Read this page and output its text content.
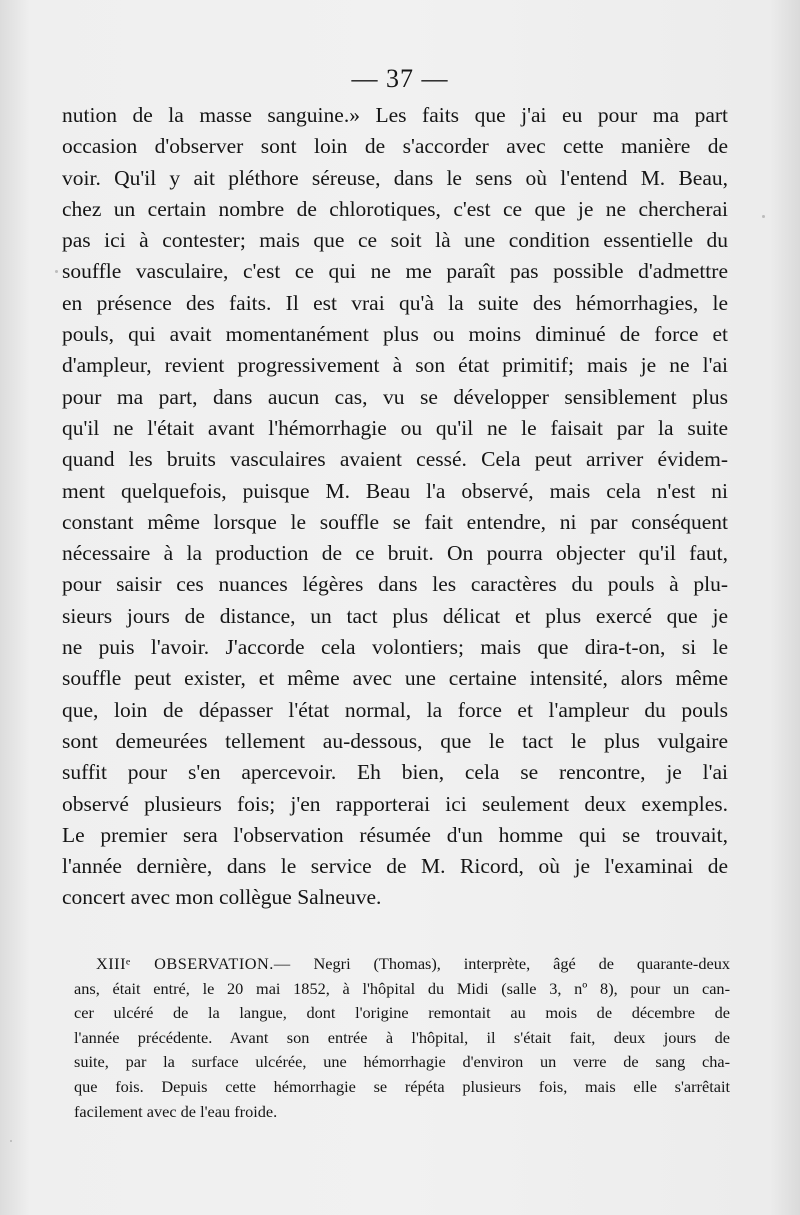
— 37 —
nution de la masse sanguine.» Les faits que j'ai eu pour ma part
occasion d'observer sont loin de s'accorder avec cette manière de
voir. Qu'il y ait pléthore séreuse, dans le sens où l'entend M. Beau,
chez un certain nombre de chlorotiques, c'est ce que je ne chercherai
pas ici à contester; mais que ce soit là une condition essentielle du
souffle vasculaire, c'est ce qui ne me paraît pas possible d'admettre
en présence des faits. Il est vrai qu'à la suite des hémorrhagies, le
pouls, qui avait momentanément plus ou moins diminué de force et
d'ampleur, revient progressivement à son état primitif; mais je ne l'ai
pour ma part, dans aucun cas, vu se développer sensiblement plus
qu'il ne l'était avant l'hémorrhagie ou qu'il ne le faisait par la suite
quand les bruits vasculaires avaient cessé. Cela peut arriver évidem-
ment quelquefois, puisque M. Beau l'a observé, mais cela n'est ni
constant même lorsque le souffle se fait entendre, ni par conséquent
nécessaire à la production de ce bruit. On pourra objecter qu'il faut,
pour saisir ces nuances légères dans les caractères du pouls à plu-
sieurs jours de distance, un tact plus délicat et plus exercé que je
ne puis l'avoir. J'accorde cela volontiers; mais que dira-t-on, si le
souffle peut exister, et même avec une certaine intensité, alors même
que, loin de dépasser l'état normal, la force et l'ampleur du pouls
sont demeurées tellement au-dessous, que le tact le plus vulgaire
suffit pour s'en apercevoir. Eh bien, cela se rencontre, je l'ai
observé plusieurs fois; j'en rapporterai ici seulement deux exemples.
Le premier sera l'observation résumée d'un homme qui se trouvait,
l'année dernière, dans le service de M. Ricord, où je l'examinai de
concert avec mon collègue Salneuve.
XIIIᵉ OBSERVATION.— Negri (Thomas), interprète, âgé de quarante-deux
ans, était entré, le 20 mai 1852, à l'hôpital du Midi (salle 3, nº 8), pour un can-
cer ulcéré de la langue, dont l'origine remontait au mois de décembre de
l'année précédente. Avant son entrée à l'hôpital, il s'était fait, deux jours de
suite, par la surface ulcérée, une hémorrhagie d'environ un verre de sang cha-
que fois. Depuis cette hémorrhagie se répéta plusieurs fois, mais elle s'arrêtait
facilement avec de l'eau froide.
